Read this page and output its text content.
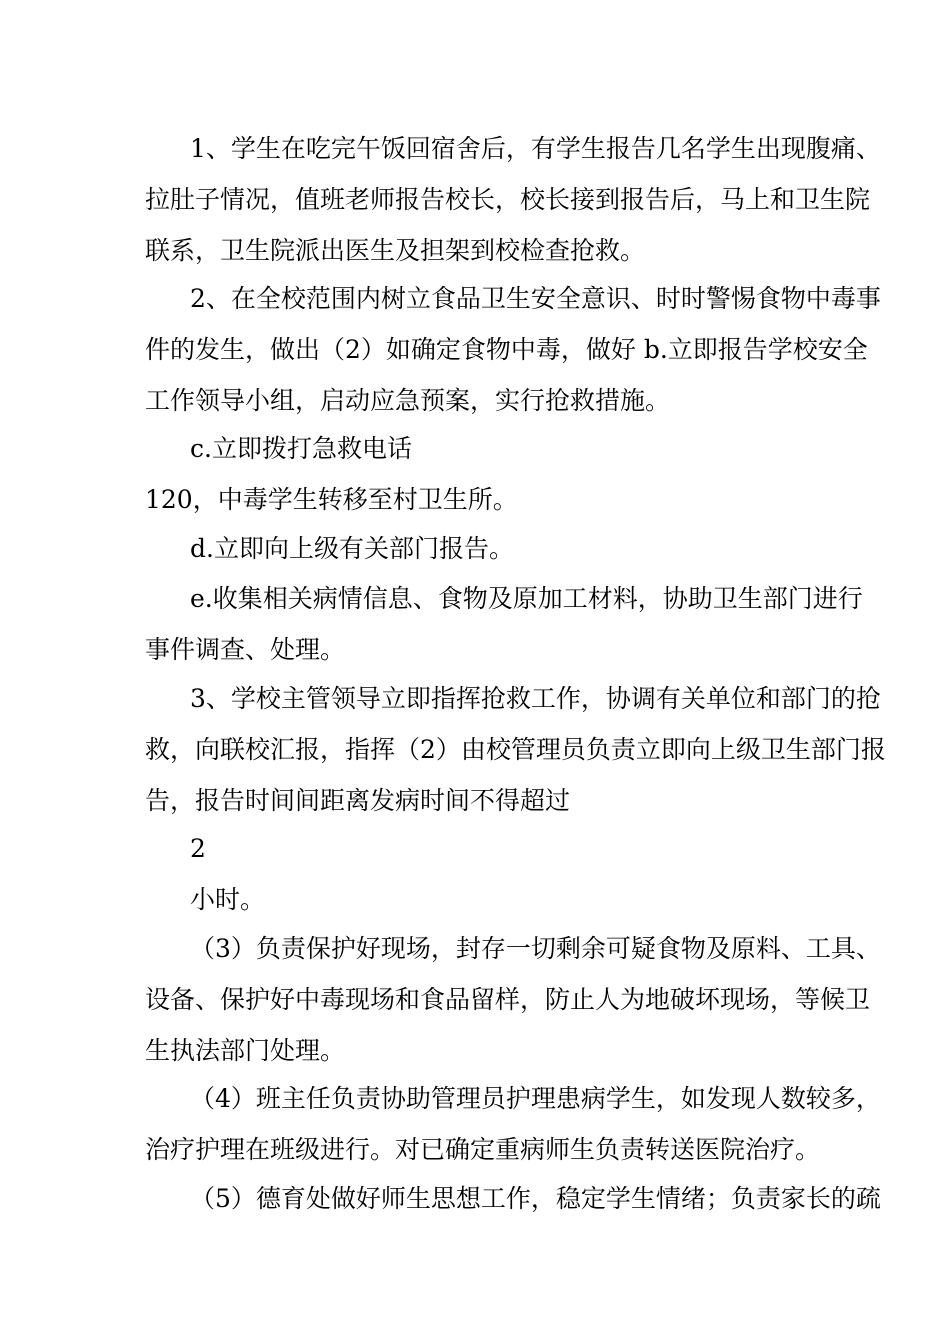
1、学生在吃完午饭回宿舍后，有学生报告几名学生出现腹痛、
拉肚子情况，值班老师报告校长，校长接到报告后，马上和卫生院
联系，卫生院派出医生及担架到校检查抢救。
2、在全校范围内树立食品卫生安全意识、时时警惕食物中毒事
件的发生，做出（2）如确定食物中毒，做好 b.立即报告学校安全
工作领导小组，启动应急预案，实行抢救措施。
c.立即拨打急救电话
120，中毒学生转移至村卫生所。
d.立即向上级有关部门报告。
e.收集相关病情信息、食物及原加工材料，协助卫生部门进行
事件调查、处理。
3、学校主管领导立即指挥抢救工作，协调有关单位和部门的抢
救，向联校汇报，指挥（2）由校管理员负责立即向上级卫生部门报
告，报告时间间距离发病时间不得超过
2
小时。
（3）负责保护好现场，封存一切剩余可疑食物及原料、工具、
设备、保护好中毒现场和食品留样，防止人为地破坏现场，等候卫
生执法部门处理。
（4）班主任负责协助管理员护理患病学生，如发现人数较多，
治疗护理在班级进行。对已确定重病师生负责转送医院治疗。
（5）德育处做好师生思想工作，稳定学生情绪；负责家长的疏
